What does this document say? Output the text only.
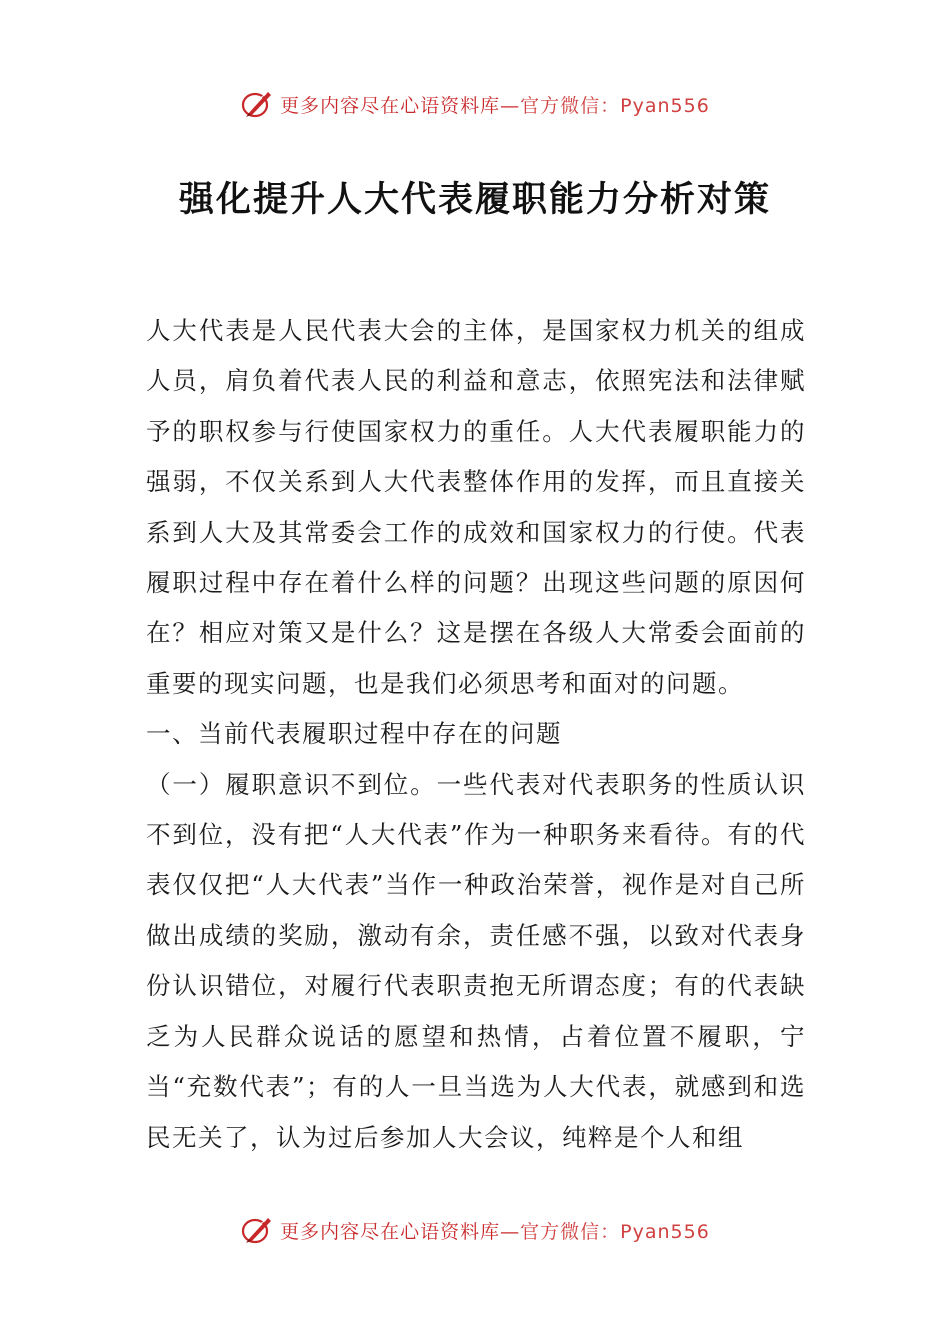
更多内容尽在心语资料库— 官方微信：Pyan556
强化提升人大代表履职能力分析对策

人大代表是人民代表大会的主体，是国家权力机关的组成人员，肩负着代表人民的利益和意志，依照宪法和法律赋予的职权参与行使国家权力的重任。人大代表履职能力的强弱，不仅关系到人大代表整体作用的发挥，而且直接关系到人大及其常委会工作的成效和国家权力的行使。代表履职过程中存在着什么样的问题？出现这些问题的原因何在？相应对策又是什么？这是摆在各级人大常委会面前的重要的现实问题，也是我们必须思考和面对的问题。

一、当前代表履职过程中存在的问题

（一）履职意识不到位。一些代表对代表职务的性质认识不到位，没有把“人大代表”作为一种职务来看待。有的代表仅仅把“人大代表”当作一种政治荣誉，视作是对自己所做出成绩的奖励，激动有余，责任感不强，以致对代表身份认识错位，对履行代表职责抱无所谓态度；有的代表缺乏为人民群众说话的愿望和热情，占着位置不履职，宁当“充数代表”；有的人一旦当选为人大代表，就感到和选民无关了，认为过后参加人大会议，纯粹是个人和组

更多内容尽在心语资料库— 官方微信：Pyan556
